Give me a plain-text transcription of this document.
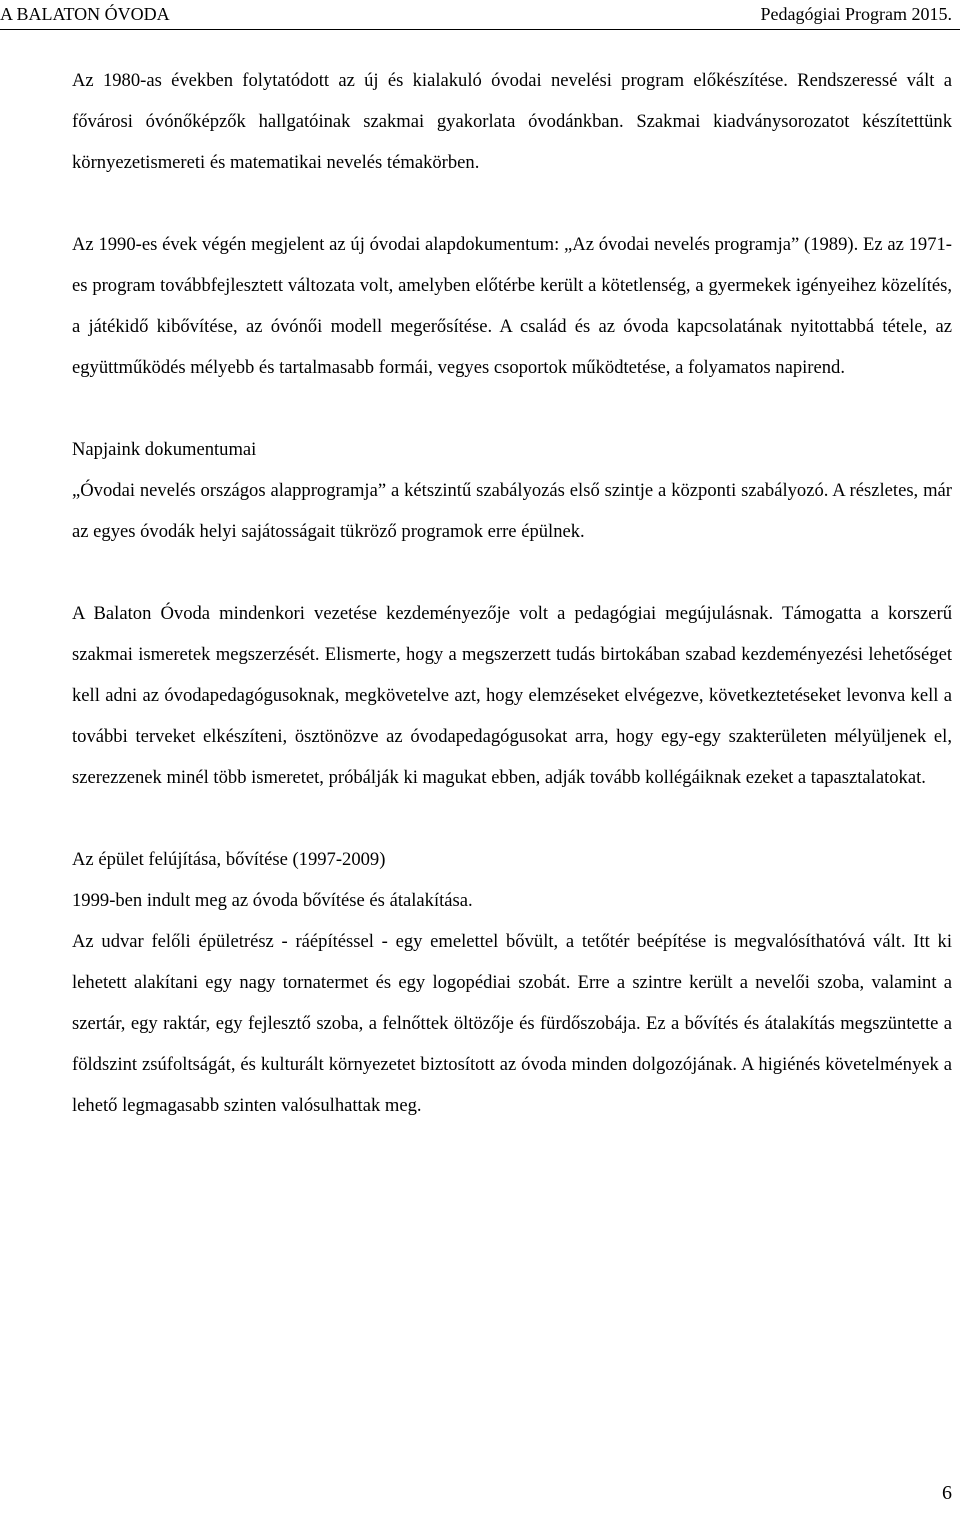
A BALATON ÓVODA	Pedagógiai Program 2015.

Az 1980-as években folytatódott az új és kialakuló óvodai nevelési program előkészítése. Rendszeressé vált a fővárosi óvónőképzők hallgatóinak szakmai gyakorlata óvodánkban. Szakmai kiadványsorozatot készítettünk környezetismereti és matematikai nevelés témakörben.

Az 1990-es évek végén megjelent az új óvodai alapdokumentum: „Az óvodai nevelés programja” (1989). Ez az 1971-es program továbbfejlesztett változata volt, amelyben előtérbe került a kötetlenség, a gyermekek igényeihez közelítés, a játékidő kibővítése, az óvónői modell megerősítése. A család és az óvoda kapcsolatának nyitottabbá tétele, az együttműködés mélyebb és tartalmasabb formái, vegyes csoportok működtetése, a folyamatos napirend.

Napjaink dokumentumai

„Óvodai nevelés országos alapprogramja” a kétszintű szabályozás első szintje a központi szabályozó. A részletes, már az egyes óvodák helyi sajátosságait tükröző programok erre épülnek.

A Balaton Óvoda mindenkori vezetése kezdeményezője volt a pedagógiai megújulásnak. Támogatta a korszerű szakmai ismeretek megszerzését. Elismerte, hogy a megszerzett tudás birtokában szabad kezdeményezési lehetőséget kell adni az óvodapedagógusoknak, megkövetelve azt, hogy elemzéseket elvégezve, következtetéseket levonva kell a további terveket elkészíteni, ösztönözve az óvodapedagógusokat arra, hogy egy-egy szakterületen mélyüljenek el, szerezzenek minél több ismeretet, próbálják ki magukat ebben, adják tovább kollégáiknak ezeket a tapasztalatokat.

Az épület felújítása, bővítése (1997-2009)

1999-ben indult meg az óvoda bővítése és átalakítása.

Az udvar felőli épületrész - ráépítéssel - egy emelettel bővült, a tetőtér beépítése is megvalósíthatóvá vált. Itt ki lehetett alakítani egy nagy tornatermet és egy logopédiai szobát. Erre a szintre került a nevelői szoba, valamint a szertár, egy raktár, egy fejlesztő szoba, a felnőttek öltözője és fürdőszobája. Ez a bővítés és átalakítás megszüntette a földszint zsúfoltságát, és kulturált környezetet biztosított az óvoda minden dolgozójának. A higiénés követelmények a lehető legmagasabb szinten valósulhattak meg.

6
